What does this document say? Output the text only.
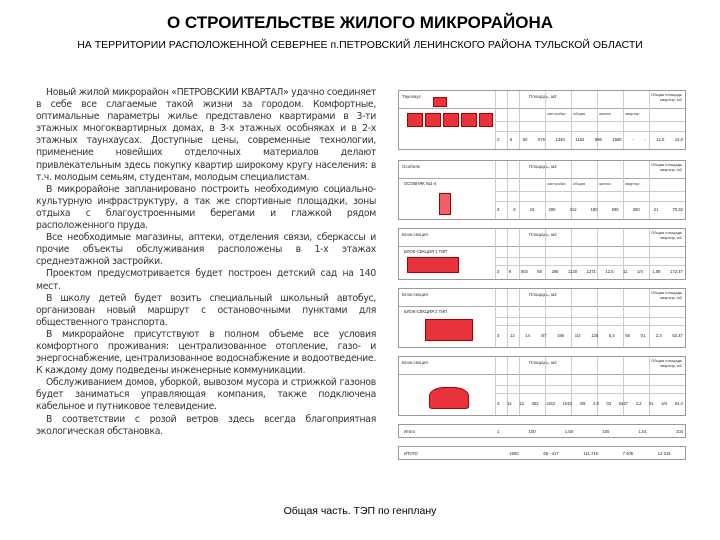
О СТРОИТЕЛЬСТВЕ ЖИЛОГО МИКРОРАЙОНА
НА ТЕРРИТОРИИ РАСПОЛОЖЕННОЙ СЕВЕРНЕЕ п.ПЕТРОВСКИЙ ЛЕНИНСКОГО РАЙОНА ТУЛЬСКОЙ ОБЛАСТИ

Новый жилой микрорайон «ПЕТРОВСКИЙ КВАРТАЛ» удачно соединяет в себе все слагаемые такой жизни за городом. Комфортные, оптимальные параметры жилье представлено квартирами в 3-ти этажных многоквартирных домах, в 3-х этажных особняках и в 2-х этажных таунхаусах. Доступные цены, современные технологии, применение новейших отделочных материалов делают привлекательным здесь покупку квартир широкому кругу населения: в т.ч. молодым семьям, студентам, молодым специалистам.

В микрорайоне запланировано построить необходимую социально-культурную инфраструктуру, а так же спортивные площадки, зоны отдыха с благоустроенными берегами и глажкой рядом расположенного пруда.

Все необходимые магазины, аптеки, отделения связи, сберкассы и прочие объекты обслуживания расположены в 1-х этажах среднеэтажной застройки.

Проектом предусмотривается будет построен детский сад на 140 мест.

В школу детей будет возить специальный школьный автобус, организован новый маршрут с остановочными пунктами для общественного транспорта.

В микрорайоне присутствуют в полном объеме все условия комфортного проживания: централизованное отопление, газо- и энергоснабжение, централизованное водоснабжение и водоотведение. К каждому дому подведены инженерные коммуникации.

Обслуживанием домов, уборкой, вывозом мусора и стрижкой газонов будет заниматься управляющая компания, также подключена кабельное и путниковое телевидение.

В соответствии с розой ветров здесь всегда благоприятная экологическая обстановка.

Таунхаус	Площадь, м2	Общая площадь квартир, м2
застройки общая	жилая	квартир
2	6	60	576	1340	1152	696	1580	-	-	12,0	12,0
Особняк	Площадь, м2	Общая площадь квартир, м2
застройки общая	жилая	квартир
ОСОБНЯК №1-4
3	6	15	290	412	190	590	260	21	70,32
Блок-секция	Площадь, м2	Общая площадь квартир, м2
БЛОК-СЕКЦИЯ 1 ТИП
3 9 603 60 285 1130 1371 12,5 11 1/4 1,08 172,47
Блок-секция	Площадь, м2	Общая площадь квартир, м2
БЛОК-СЕКЦИЯ 2 ТИП
3	12	14	4/7	196	1/2	125	5,4	56	01	2,3	63,47
Блок-секция	Площадь, м2	Общая площадь квартир, м2
3 12 13 402 1152 1010 4/8 2,8 03 0447 4,2 01 4/4 04,4
Итого	1	100	1,50	100	1,01	104
ИТОГО	1650	65 - 417	111 715	7 406	13 315
Общая часть. ТЭП по генплану
